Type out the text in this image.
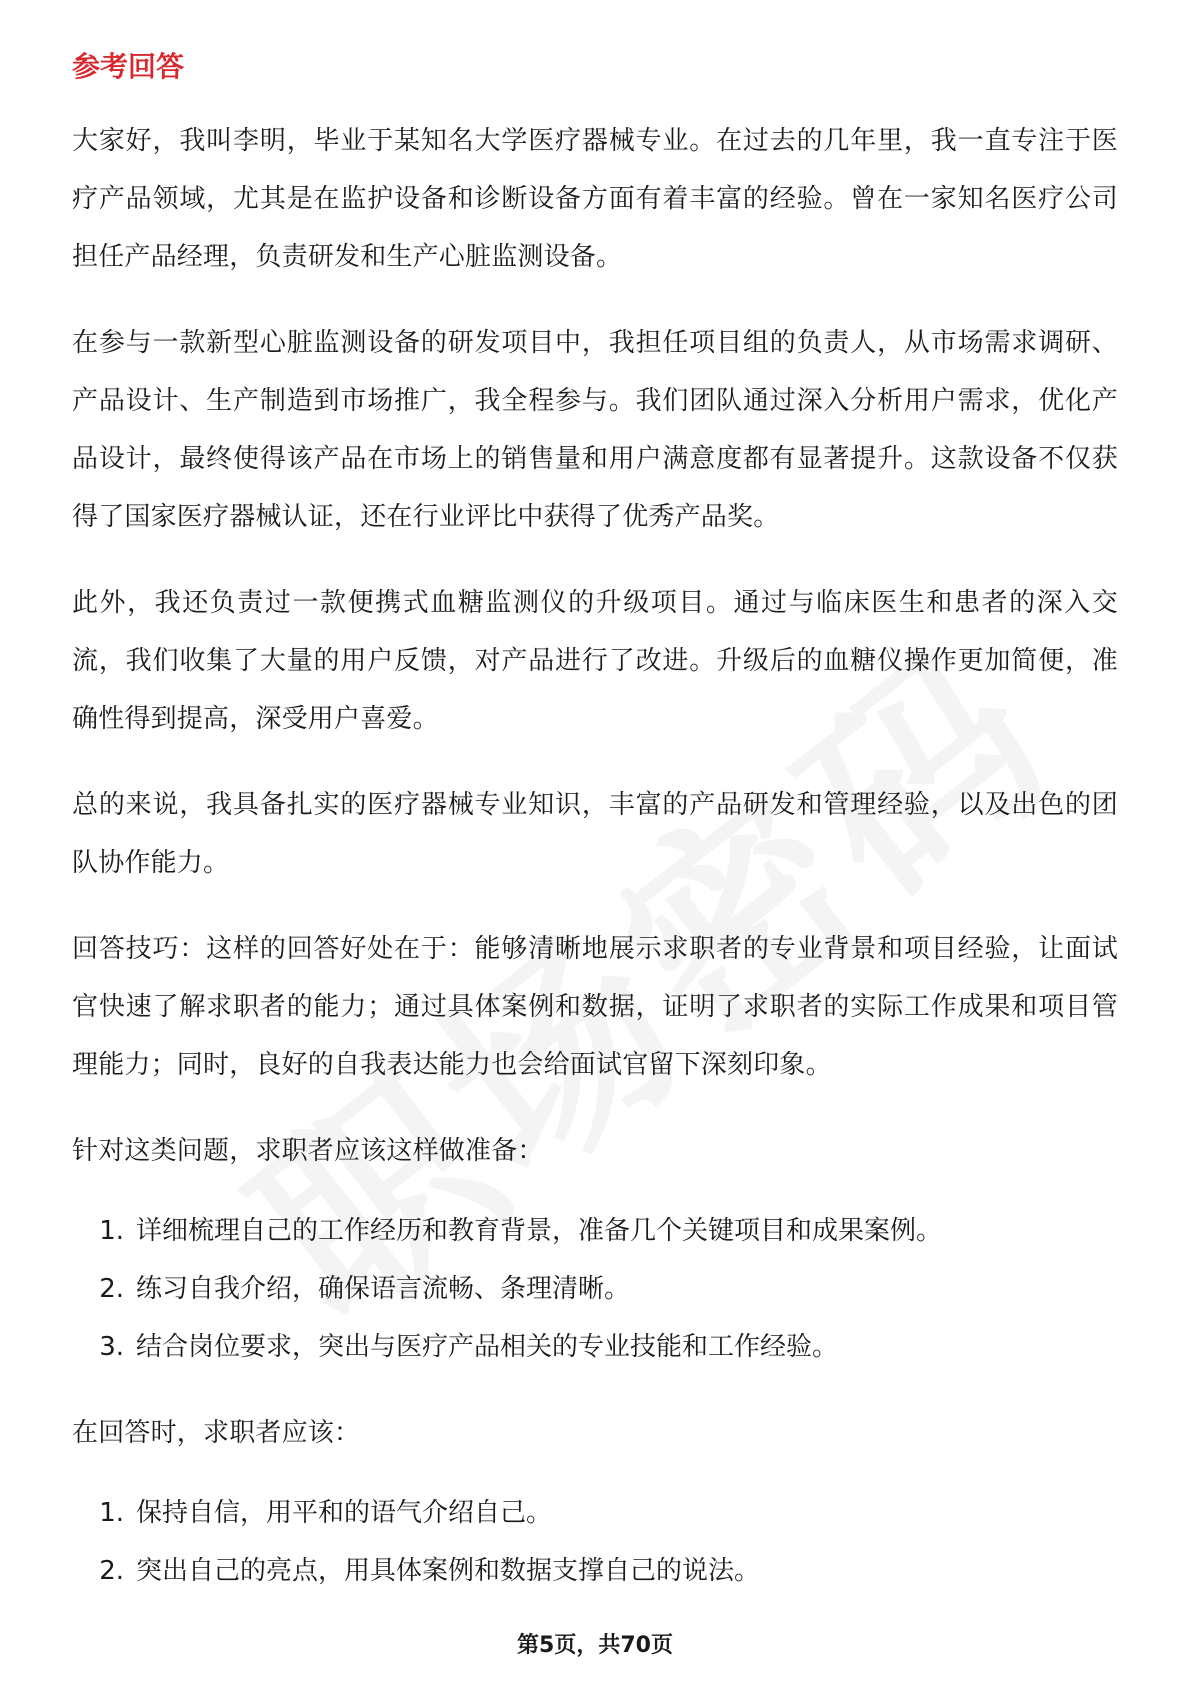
参考回答

大家好，我叫李明，毕业于某知名大学医疗器械专业。在过去的几年里，我一直专注于医疗产品领域，尤其是在监护设备和诊断设备方面有着丰富的经验。曾在一家知名医疗公司担任产品经理，负责研发和生产心脏监测设备。

在参与一款新型心脏监测设备的研发项目中，我担任项目组的负责人，从市场需求调研、产品设计、生产制造到市场推广，我全程参与。我们团队通过深入分析用户需求，优化产品设计，最终使得该产品在市场上的销售量和用户满意度都有显著提升。这款设备不仅获得了国家医疗器械认证，还在行业评比中获得了优秀产品奖。

此外，我还负责过一款便携式血糖监测仪的升级项目。通过与临床医生和患者的深入交流，我们收集了大量的用户反馈，对产品进行了改进。升级后的血糖仪操作更加简便，准确性得到提高，深受用户喜爱。

总的来说，我具备扎实的医疗器械专业知识，丰富的产品研发和管理经验，以及出色的团队协作能力。

回答技巧：这样的回答好处在于：能够清晰地展示求职者的专业背景和项目经验，让面试官快速了解求职者的能力；通过具体案例和数据，证明了求职者的实际工作成果和项目管理能力；同时，良好的自我表达能力也会给面试官留下深刻印象。

针对这类问题，求职者应该这样做准备：

1. 详细梳理自己的工作经历和教育背景，准备几个关键项目和成果案例。
2. 练习自我介绍，确保语言流畅、条理清晰。
3. 结合岗位要求，突出与医疗产品相关的专业技能和工作经验。

在回答时，求职者应该：

1. 保持自信，用平和的语气介绍自己。
2. 突出自己的亮点，用具体案例和数据支撑自己的说法。
第5页，共70页
